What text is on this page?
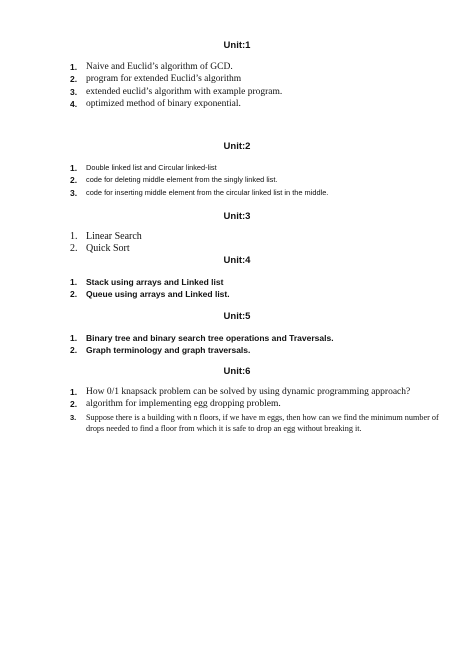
Unit:1
1. Naive and Euclid’s algorithm of GCD.
2. program for extended Euclid’s algorithm
3. extended euclid’s algorithm with example program.
4. optimized method of binary exponential.
Unit:2
1. Double linked list and Circular linked-list
2. code for deleting middle element from the singly linked list.
3. code for inserting middle element from the circular linked list in the middle.
Unit:3
1. Linear Search
2. Quick Sort
Unit:4
1. Stack using arrays and Linked list
2. Queue using arrays and Linked list.
Unit:5
1. Binary tree and binary search tree operations and Traversals.
2. Graph terminology and graph traversals.
Unit:6
1. How 0/1 knapsack problem can be solved by using dynamic programming approach?
2. algorithm for implementing egg dropping problem.
3. Suppose there is a building with n floors, if we have m eggs, then how can we find the minimum number of drops needed to find a floor from which it is safe to drop an egg without breaking it.
